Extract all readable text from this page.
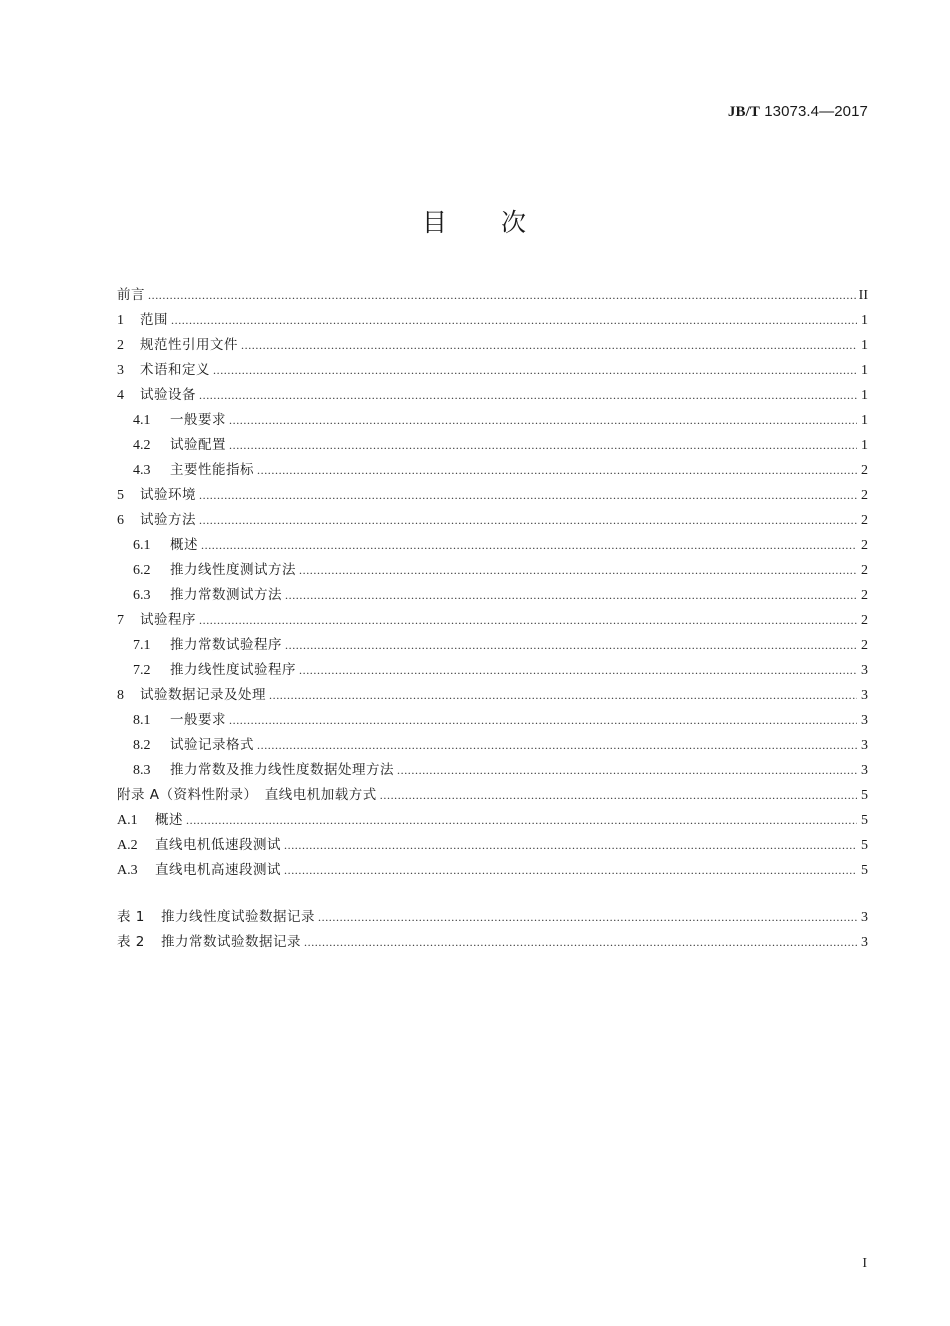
JB/T 13073.4—2017
目 次
前言 .....	II
1	范围 .....	1
2	规范性引用文件 .....	1
3	术语和定义 .....	1
4	试验设备 .....	1
4.1	一般要求 .....	1
4.2	试验配置 .....	1
4.3	主要性能指标 .....	2
5	试验环境 .....	2
6	试验方法 .....	2
6.1	概述 .....	2
6.2	推力线性度测试方法 .....	2
6.3	推力常数测试方法 .....	2
7	试验程序 .....	2
7.1	推力常数试验程序 .....	2
7.2	推力线性度试验程序 .....	3
8	试验数据记录及处理 .....	3
8.1	一般要求 .....	3
8.2	试验记录格式 .....	3
8.3	推力常数及推力线性度数据处理方法 .....	3
附录 A（资料性附录）　直线电机加载方式 .....	5
A.1	概述 .....	5
A.2	直线电机低速段测试 .....	5
A.3	直线电机高速段测试 .....	5
表 1	推力线性度试验数据记录 .....	3
表 2	推力常数试验数据记录 .....	3
I
